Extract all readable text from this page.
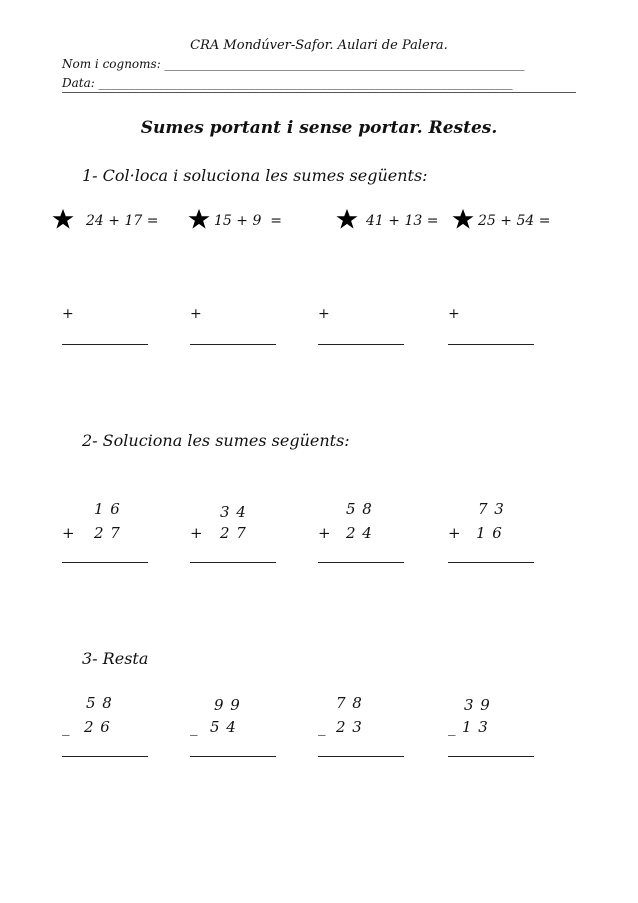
CRA Mondúver-Safor. Aulari de Palera.
Nom i cognoms: ____________________________________________________________
Data: _____________________________________________________________________
Sumes portant i sense portar. Restes.
1- Col·loca i soluciona les sumes següents:
24 + 17 =	15 + 9  =	41 + 13 =	25 + 54 =
+	+	+	+
2- Soluciona les sumes següents:
1 6
+ 2 7
3 4
+ 2 7
5 8
+ 2 4
7 3
+ 1 6
3- Resta
5 8
_ 2 6
9 9
_ 5 4
7 8
_ 2 3
3 9
_ 1 3
